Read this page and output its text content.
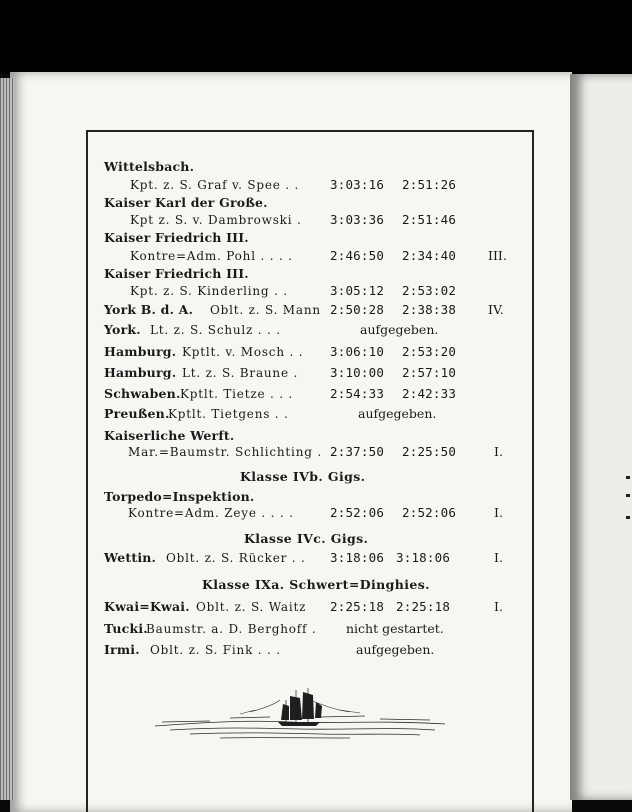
Wittelsbach.
Kpt. z. S. Graf v. Spee . . 3:03:16 2:51:26
Kaiser Karl der Große.
Kpt z. S. v. Dambrowski . 3:03:36 2:51:46
Kaiser Friedrich III.
Kontre=Adm. Pohl . . . .	2:46:50 2:34:40	III.
Kaiser Friedrich III.
Kpt. z. S. Kinderling . .	3:05:12 2:53:02
York B. d. A. Oblt. z. S. Mann 2:50:28 2:38:38	IV.
York. Lt. z. S. Schulz . . .	aufgegeben.
Hamburg. Kptlt. v. Mosch . . 3:06:10 2:53:20
Hamburg. Lt. z. S. Braune .	3:10:00 2:57:10
Schwaben. Kptlt. Tietze . . .	2:54:33 2:42:33
Preußen.
Kptlt. Tietgens . .	aufgegeben.
Kaiserliche Werft.
Mar.=Baumstr. Schlichting . 2:37:50 2:25:50	I.
Klasse IVb. Gigs.
Torpedo=Inspektion.
Kontre=Adm. Zeye . . . .	2:52:06 2:52:06	I.
Klasse IVc. Gigs.
Wettin. Oblt. z. S. Rücker . . 3:18:06 3:18:06	I.
Klasse IXa. Schwert=Dinghies.
Kwai=Kwai. Oblt. z. S. Waitz 2:25:18 2:25:18	I.
Tucki.
Baumstr. a. D. Berghoff . nicht gestartet.
Irmi. Oblt. z. S. Fink . . .	aufgegeben.
